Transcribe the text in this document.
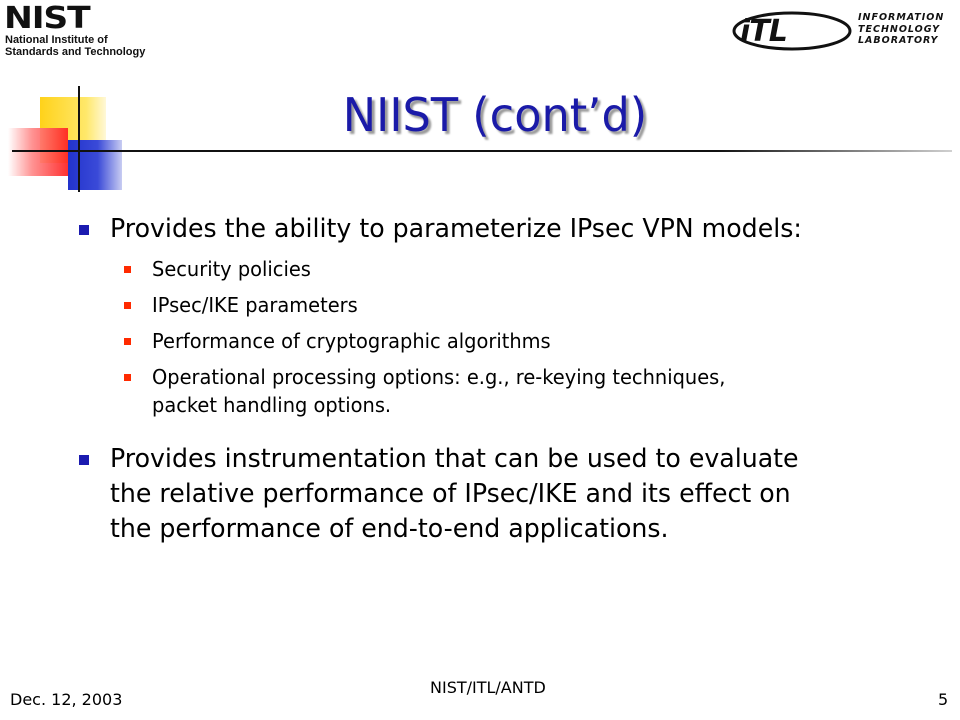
NIST
National Institute of
Standards and Technology
iTL	INFORMATION
TECHNOLOGY
LABORATORY
NIIST (cont’d)
Provides the ability to parameterize IPsec VPN models:
Security policies
IPsec/IKE parameters
Performance of cryptographic algorithms
Operational processing options: e.g., re-keying techniques,
packet handling options.
Provides instrumentation that can be used to evaluate
the relative performance of IPsec/IKE and its effect on
the performance of end-to-end applications.
Dec. 12, 2003
NIST/ITL/ANTD
5
